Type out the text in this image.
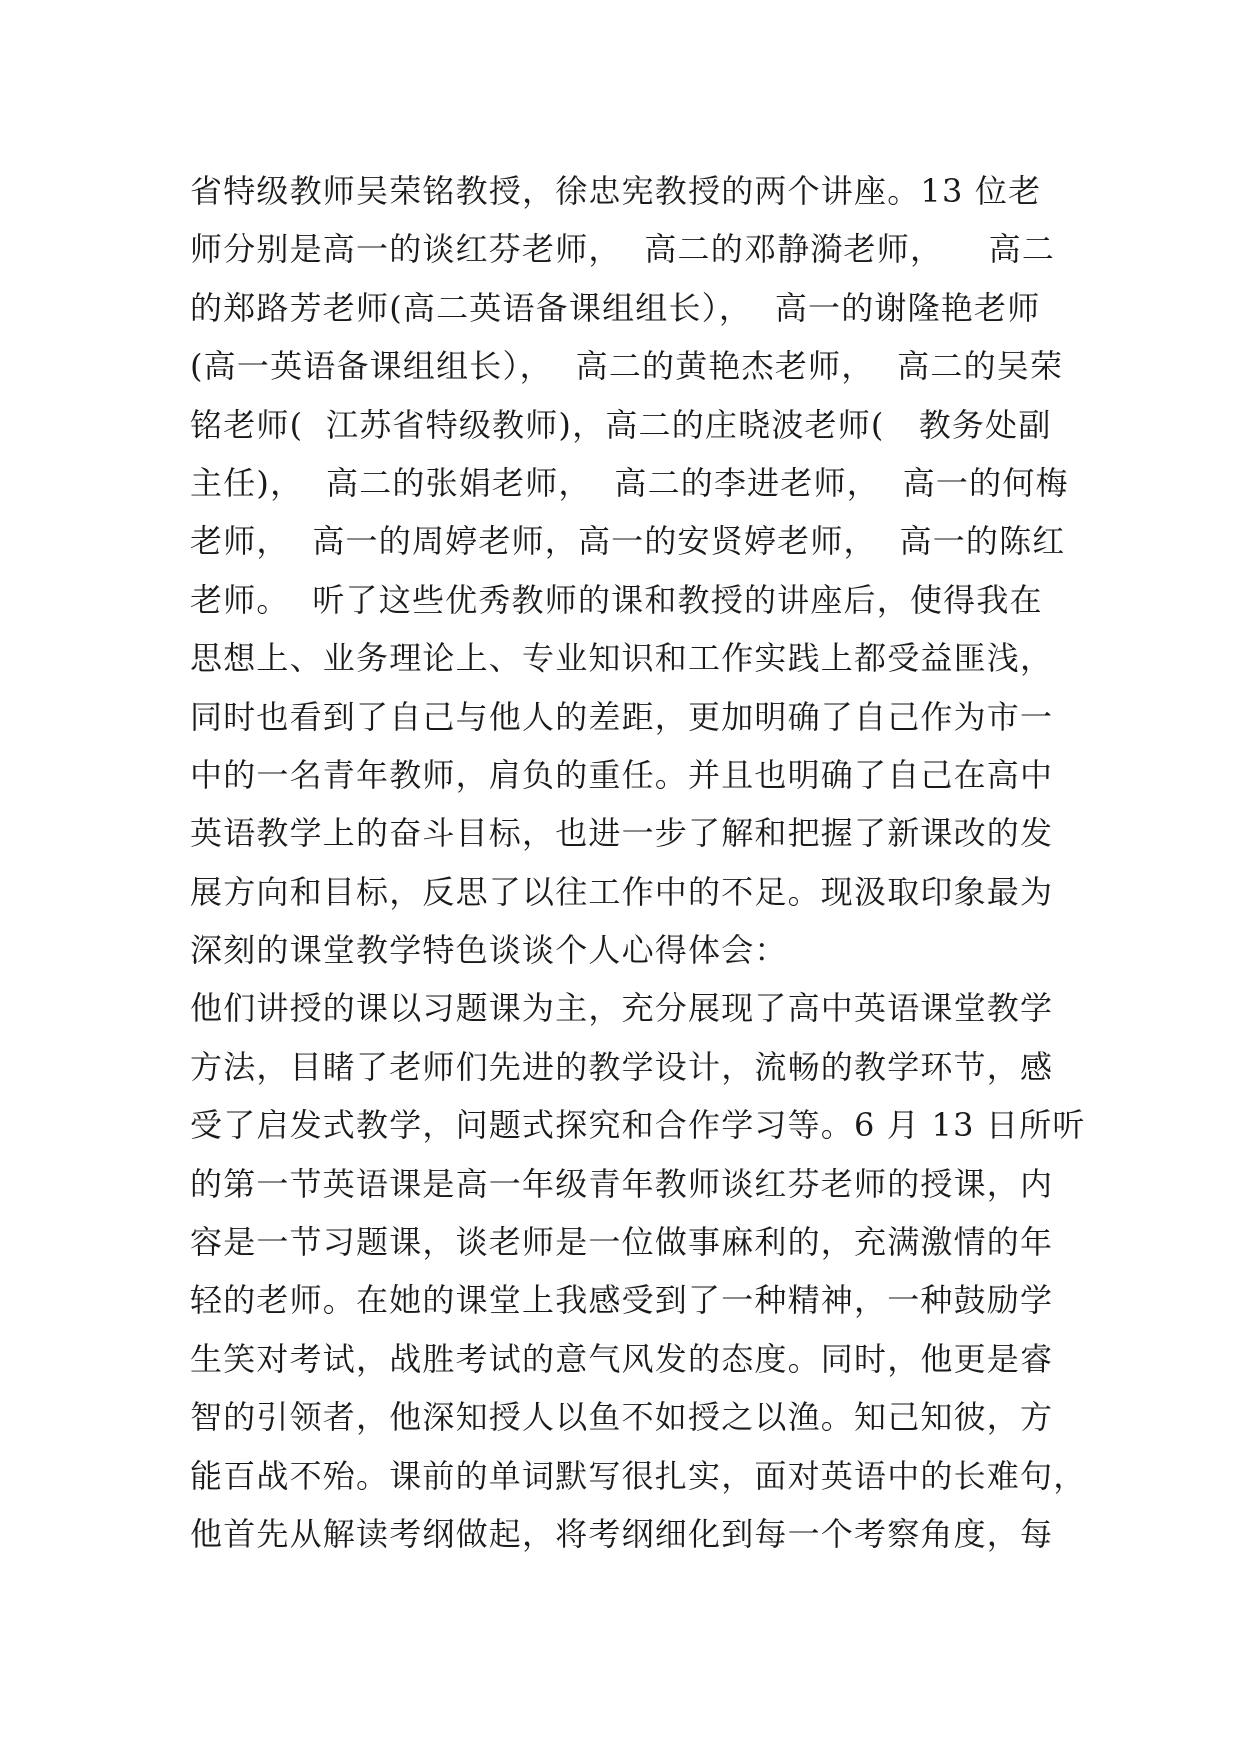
省特级教师吴荣铭教授，徐忠宪教授的两个讲座。13 位老
师分别是高一的谈红芬老师，  高二的邓静漪老师，    高二
的郑路芳老师(高二英语备课组组长），  高一的谢隆艳老师
(高一英语备课组组长），  高二的黄艳杰老师，  高二的吴荣
铭老师(  江苏省特级教师)，高二的庄晓波老师(   教务处副
主任)，  高二的张娟老师，  高二的李进老师，  高一的何梅
老师，  高一的周婷老师，高一的安贤婷老师，  高一的陈红
老师。  听了这些优秀教师的课和教授的讲座后，使得我在
思想上、业务理论上、专业知识和工作实践上都受益匪浅，
同时也看到了自己与他人的差距，更加明确了自己作为市一
中的一名青年教师，肩负的重任。并且也明确了自己在高中
英语教学上的奋斗目标，也进一步了解和把握了新课改的发
展方向和目标，反思了以往工作中的不足。现汲取印象最为
深刻的课堂教学特色谈谈个人心得体会：
他们讲授的课以习题课为主，充分展现了高中英语课堂教学
方法，目睹了老师们先进的教学设计，流畅的教学环节，感
受了启发式教学，问题式探究和合作学习等。6 月 13 日所听
的第一节英语课是高一年级青年教师谈红芬老师的授课，内
容是一节习题课，谈老师是一位做事麻利的，充满激情的年
轻的老师。在她的课堂上我感受到了一种精神，一种鼓励学
生笑对考试，战胜考试的意气风发的态度。同时，他更是睿
智的引领者，他深知授人以鱼不如授之以渔。知己知彼，方
能百战不殆。课前的单词默写很扎实，面对英语中的长难句，
他首先从解读考纲做起，将考纲细化到每一个考察角度，每
